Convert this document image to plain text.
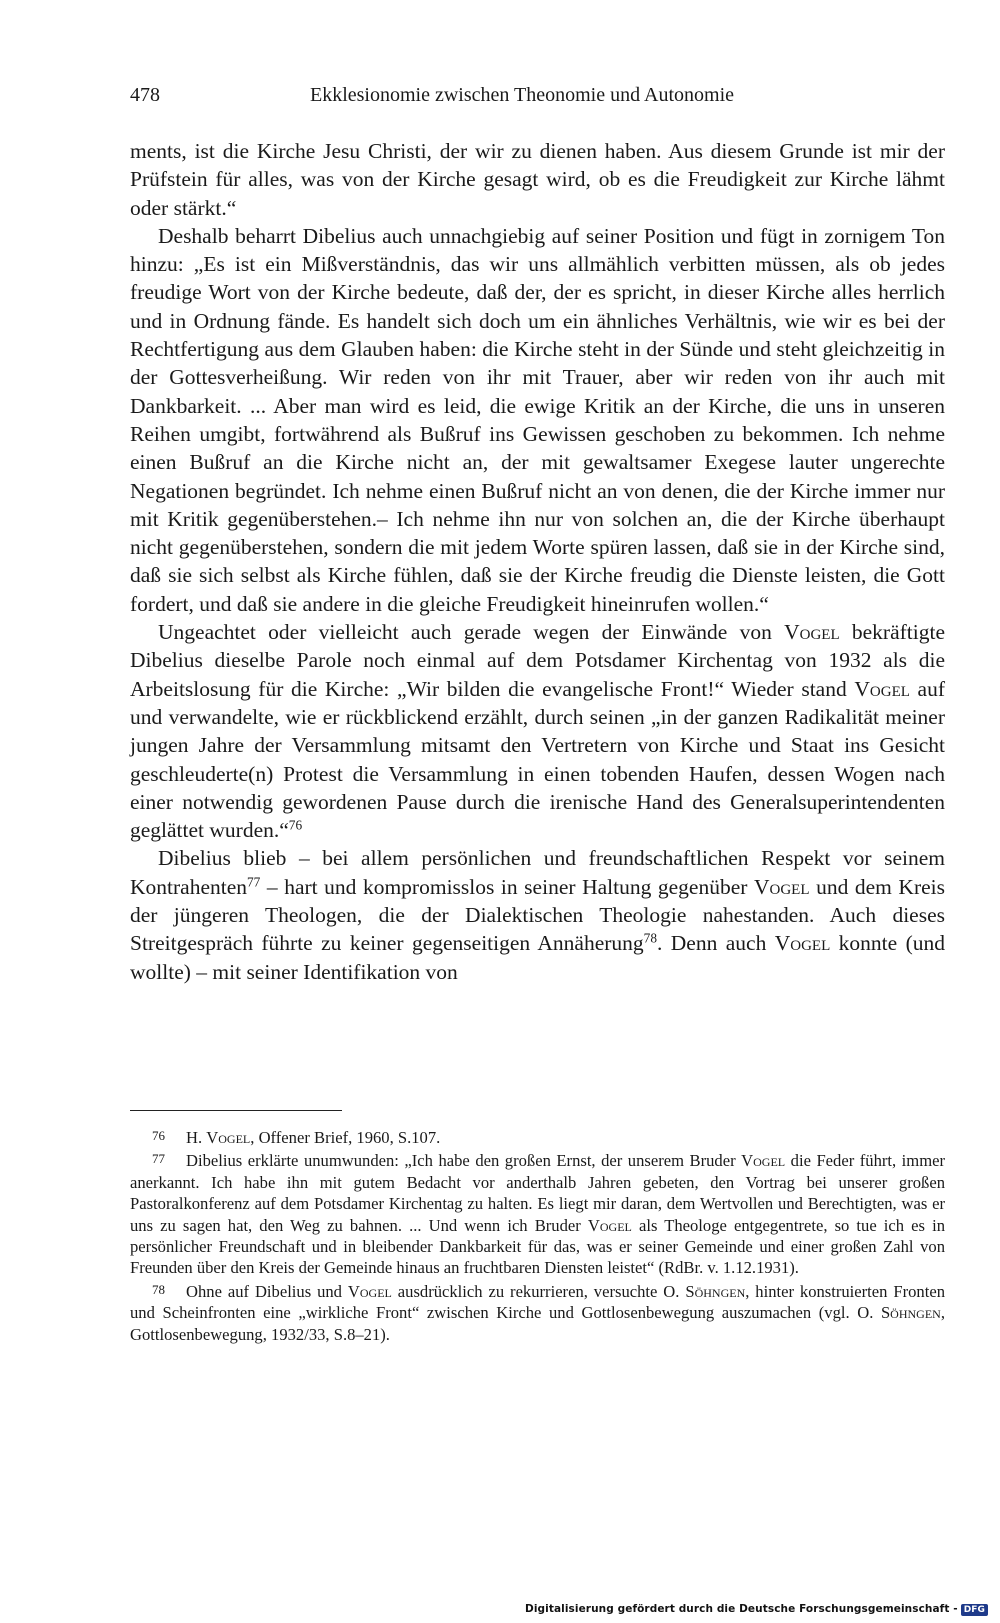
478	Ekklesionomie zwischen Theonomie und Autonomie

ments, ist die Kirche Jesu Christi, der wir zu dienen haben. Aus diesem Grunde ist mir der Prüfstein für alles, was von der Kirche gesagt wird, ob es die Freudigkeit zur Kirche lähmt oder stärkt.“

Deshalb beharrt Dibelius auch unnachgiebig auf seiner Position und fügt in zornigem Ton hinzu: „Es ist ein Mißverständnis, das wir uns allmählich verbitten müssen, als ob jedes freudige Wort von der Kirche bedeute, daß der, der es spricht, in dieser Kirche alles herrlich und in Ordnung fände. Es handelt sich doch um ein ähnliches Verhältnis, wie wir es bei der Rechtfertigung aus dem Glauben haben: die Kirche steht in der Sünde und steht gleichzeitig in der Gottesverheißung. Wir reden von ihr mit Trauer, aber wir reden von ihr auch mit Dankbarkeit. ... Aber man wird es leid, die ewige Kritik an der Kirche, die uns in unseren Reihen umgibt, fortwährend als Bußruf ins Gewissen geschoben zu bekommen. Ich nehme einen Bußruf an die Kirche nicht an, der mit gewaltsamer Exegese lauter ungerechte Negationen begründet. Ich nehme einen Bußruf nicht an von denen, die der Kirche immer nur mit Kritik gegenüberstehen.– Ich nehme ihn nur von solchen an, die der Kirche überhaupt nicht gegenüberstehen, sondern die mit jedem Worte spüren lassen, daß sie in der Kirche sind, daß sie sich selbst als Kirche fühlen, daß sie der Kirche freudig die Dienste leisten, die Gott fordert, und daß sie andere in die gleiche Freudigkeit hineinrufen wollen.“

Ungeachtet oder vielleicht auch gerade wegen der Einwände von Vogel bekräftigte Dibelius dieselbe Parole noch einmal auf dem Potsdamer Kirchentag von 1932 als die Arbeitslosung für die Kirche: „Wir bilden die evangelische Front!“ Wieder stand Vogel auf und verwandelte, wie er rückblickend erzählt, durch seinen „in der ganzen Radikalität meiner jungen Jahre der Versammlung mitsamt den Vertretern von Kirche und Staat ins Gesicht geschleuderte(n) Protest die Versammlung in einen tobenden Haufen, dessen Wogen nach einer notwendig gewordenen Pause durch die irenische Hand des Generalsuperintendenten geglättet wurden.“$^{76}$

Dibelius blieb – bei allem persönlichen und freundschaftlichen Respekt vor seinem Kontrahenten$^{77}$ – hart und kompromisslos in seiner Haltung gegenüber Vogel und dem Kreis der jüngeren Theologen, die der Dialektischen Theologie nahestanden. Auch dieses Streitgespräch führte zu keiner gegenseitigen Annäherung$^{78}$. Denn auch Vogel konnte (und wollte) – mit seiner Identifikation von

76 H. Vogel, Offener Brief, 1960, S.107.

77 Dibelius erklärte unumwunden: „Ich habe den großen Ernst, der unserem Bruder Vogel die Feder führt, immer anerkannt. Ich habe ihn mit gutem Bedacht vor anderthalb Jahren gebeten, den Vortrag bei unserer großen Pastoralkonferenz auf dem Potsdamer Kirchentag zu halten. Es liegt mir daran, dem Wertvollen und Berechtigten, was er uns zu sagen hat, den Weg zu bahnen. ... Und wenn ich Bruder Vogel als Theologe entgegentrete, so tue ich es in persönlicher Freundschaft und in bleibender Dankbarkeit für das, was er seiner Gemeinde und einer großen Zahl von Freunden über den Kreis der Gemeinde hinaus an fruchtbaren Diensten leistet“ (RdBr. v. 1.12.1931).

78 Ohne auf Dibelius und Vogel ausdrücklich zu rekurrieren, versuchte O. Söhngen, hinter konstruierten Fronten und Scheinfronten eine „wirkliche Front“ zwischen Kirche und Gottlosenbewegung auszumachen (vgl. O. Söhngen, Gottlosenbewegung, 1932/33, S.8–21).

Digitalisierung gefördert durch die Deutsche Forschungsgemeinschaft - DFG
